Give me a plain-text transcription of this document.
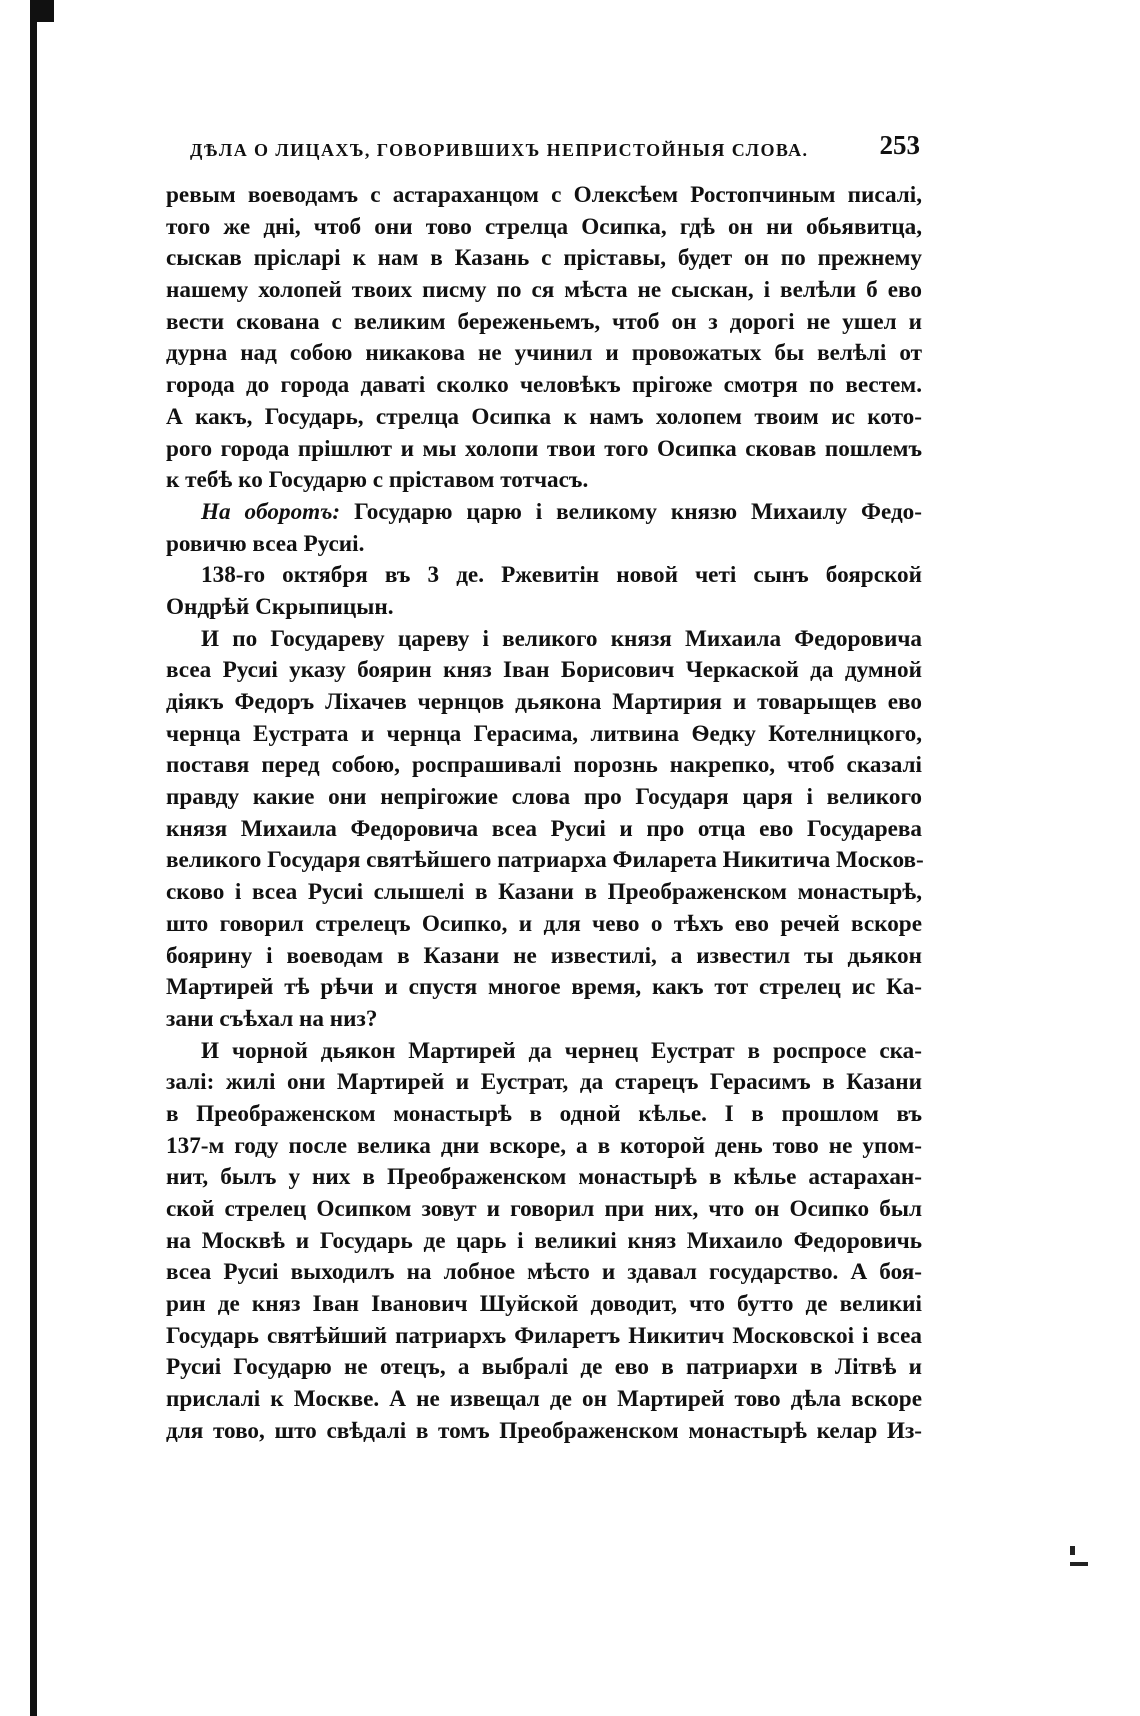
ДѢЛА О ЛИЦАХЪ, ГОВОРИВШИХЪ НЕПРИСТОЙНЫЯ СЛОВА.	253
ревым воеводамъ с астараханцом с Олексѣем Ростопчиным писалі,
того же дні, чтоб они тово стрелца Осипка, гдѣ он ни обьявитца,
сыскав прісларі к нам в Казань с пріставы, будет он по прежнему
нашему холопей твоих писму по ся мѣста не сыскан, і велѣли б ево
вести скована с великим береженьемъ, чтоб он з дорогі не ушел и
дурна над собою никакова не учинил и провожатых бы велѣлі от
города до города даваті сколко человѣкъ прігоже смотря по вестем.
А какъ, Государь, стрелца Осипка к намъ холопем твоим ис кото-
рого города прішлют и мы холопи твои того Осипка сковав пошлемъ
к тебѣ ко Государю с пріставом тотчасъ.
На оборотъ: Государю царю і великому князю Михаилу Федо-
ровичю всеа Русиі.
138-го октября въ 3 де. Ржевитін новой четі сынъ боярской
Ондрѣй Скрыпицын.
И по Государеву цареву і великого князя Михаила Федоровича
всеа Русиі указу боярин княз Іван Борисович Черкаской да думной
діякъ Федоръ Ліхачев чернцов дьякона Мартирия и товарыщев ево
чернца Еустрата и чернца Герасима, литвина Ѳедку Котелницкого,
поставя перед собою, роспрашивалі порознь накрепко, чтоб сказалі
правду какие они непрігожие слова про Государя царя і великого
князя Михаила Федоровича всеа Русиі и про отца ево Государева
великого Государя святѣйшего патриарха Филарета Никитича Москов-
сково і всеа Русиі слышелі в Казани в Преображенском монастырѣ,
што говорил стрелецъ Осипко, и для чево о тѣхъ ево речей вскоре
боярину і воеводам в Казани не известилі, а известил ты дьякон
Мартирей тѣ рѣчи и спустя многое время, какъ тот стрелец ис Ка-
зани съѣхал на низ?
И чорной дьякон Мартирей да чернец Еустрат в роспросе ска-
залі: жилі они Мартирей и Еустрат, да старецъ Герасимъ в Казани
в Преображенском монастырѣ в одной кѣлье. І в прошлом въ
137-м году после велика дни вскоре, а в которой день тово не упом-
нит, былъ у них в Преображенском монастырѣ в кѣлье астарахан-
ской стрелец Осипком зовут и говорил при них, что он Осипко был
на Москвѣ и Государь де царь і великиі княз Михаило Федоровичь
всеа Русиі выходилъ на лобное мѣсто и здавал государство. А боя-
рин де княз Іван Іванович Шуйской доводит, что бутто де великиі
Государь святѣйший патриархъ Филаретъ Никитич Московскоі і всеа
Русиі Государю не отецъ, а выбралі де ево в патриархи в Літвѣ и
прислалі к Москве. А не извещал де он Мартирей тово дѣла вскоре
для тово, што свѣдалі в томъ Преображенском монастырѣ келар Из-
